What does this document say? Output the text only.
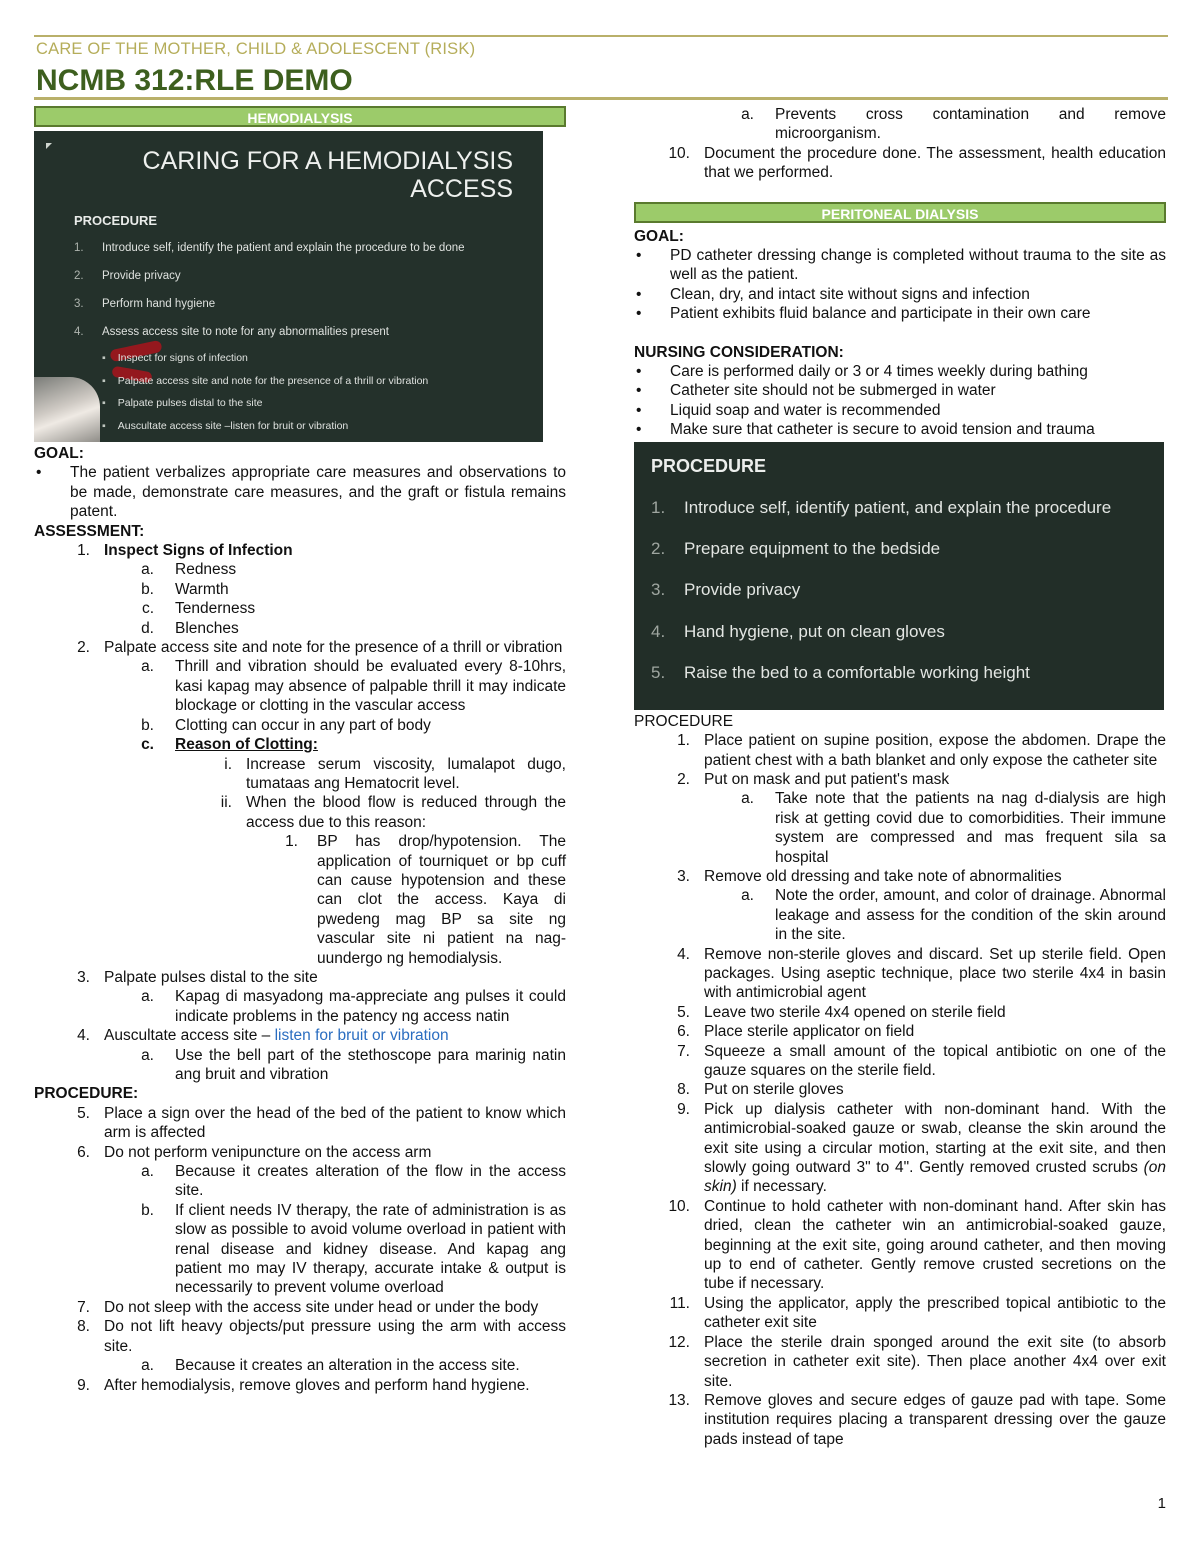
CARE OF THE MOTHER, CHILD & ADOLESCENT (RISK)
NCMB 312:RLE DEMO
HEMODIALYSIS
CARING FOR A HEMODIALYSIS
ACCESS
PROCEDURE
1.	Introduce self, identify the patient and explain the procedure to be done
2.	Provide privacy
3.	Perform hand hygiene
4.	Assess access site to note for any abnormalities present
▪ Inspect for signs of infection
▪ Palpate access site and note for the presence of a thrill or vibration
▪ Palpate pulses distal to the site
▪ Auscultate access site –listen for bruit or vibration
GOAL:
•	The patient verbalizes appropriate care measures and observations to be made, demonstrate care measures, and the graft or fistula remains patent.
ASSESSMENT:
1. Inspect Signs of Infection
a.	Redness
b.	Warmth
c.	Tenderness
d.	Blenches
2. Palpate access site and note for the presence of a thrill or vibration
a.	Thrill and vibration should be evaluated every 8-10hrs, kasi kapag may absence of palpable thrill it may indicate blockage or clotting in the vascular access
b.	Clotting can occur in any part of body
c.	Reason of Clotting:
i. Increase serum viscosity, lumalapot dugo, tumataas ang Hematocrit level.
ii. When the blood flow is reduced through the access due to this reason:
1.	BP has drop/hypotension. The application of tourniquet or bp cuff can cause hypotension and these can clot the access. Kaya di pwedeng mag BP sa site ng vascular site ni patient na nag-uundergo ng hemodialysis.
3. Palpate pulses distal to the site
a.	Kapag di masyadong ma-appreciate ang pulses it could indicate problems in the patency ng access natin
4. Auscultate access site – listen for bruit or vibration
a.	Use the bell part of the stethoscope para marinig natin ang bruit and vibration
PROCEDURE:
5. Place a sign over the head of the bed of the patient to know which arm is affected
6. Do not perform venipuncture on the access arm
a.	Because it creates alteration of the flow in the access site.
b.	If client needs IV therapy, the rate of administration is as slow as possible to avoid volume overload in patient with renal disease and kidney disease. And kapag ang patient mo may IV therapy, accurate intake & output is necessarily to prevent volume overload
7. Do not sleep with the access site under head or under the body
8. Do not lift heavy objects/put pressure using the arm with access site.
a.	Because it creates an alteration in the access site.
9. After hemodialysis, remove gloves and perform hand hygiene.
a.	Prevents cross contamination and remove microorganism.
10. Document the procedure done. The assessment, health education that we performed.
PERITONEAL DIALYSIS
GOAL:
•	PD catheter dressing change is completed without trauma to the site as well as the patient.
•	Clean, dry, and intact site without signs and infection
•	Patient exhibits fluid balance and participate in their own care
NURSING CONSIDERATION:
•	Care is performed daily or 3 or 4 times weekly during bathing
•	Catheter site should not be submerged in water
•	Liquid soap and water is recommended
•	Make sure that catheter is secure to avoid tension and trauma
PROCEDURE
1.	Introduce self, identify patient, and explain the procedure
2.	Prepare equipment to the bedside
3.	Provide privacy
4.	Hand hygiene, put on clean gloves
5.	Raise the bed to a comfortable working height
PROCEDURE
1. Place patient on supine position, expose the abdomen. Drape the patient chest with a bath blanket and only expose the catheter site
2. Put on mask and put patient's mask
a.	Take note that the patients na nag d-dialysis are high risk at getting covid due to comorbidities. Their immune system are compressed and mas frequent sila sa hospital
3. Remove old dressing and take note of abnormalities
a.	Note the order, amount, and color of drainage. Abnormal leakage and assess for the condition of the skin around in the site.
4. Remove non-sterile gloves and discard. Set up sterile field. Open packages. Using aseptic technique, place two sterile 4x4 in basin with antimicrobial agent
5. Leave two sterile 4x4 opened on sterile field
6. Place sterile applicator on field
7. Squeeze a small amount of the topical antibiotic on one of the gauze squares on the sterile field.
8. Put on sterile gloves
9. Pick up dialysis catheter with non-dominant hand. With the antimicrobial-soaked gauze or swab, cleanse the skin around the exit site using a circular motion, starting at the exit site, and then slowly going outward 3" to 4". Gently removed crusted scrubs (on skin) if necessary.
10. Continue to hold catheter with non-dominant hand. After skin has dried, clean the catheter win an antimicrobial-soaked gauze, beginning at the exit site, going around catheter, and then moving up to end of catheter. Gently remove crusted secretions on the tube if necessary.
11. Using the applicator, apply the prescribed topical antibiotic to the catheter exit site
12. Place the sterile drain sponged around the exit site (to absorb secretion in catheter exit site). Then place another 4x4 over exit site.
13. Remove gloves and secure edges of gauze pad with tape. Some institution requires placing a transparent dressing over the gauze pads instead of tape
1
